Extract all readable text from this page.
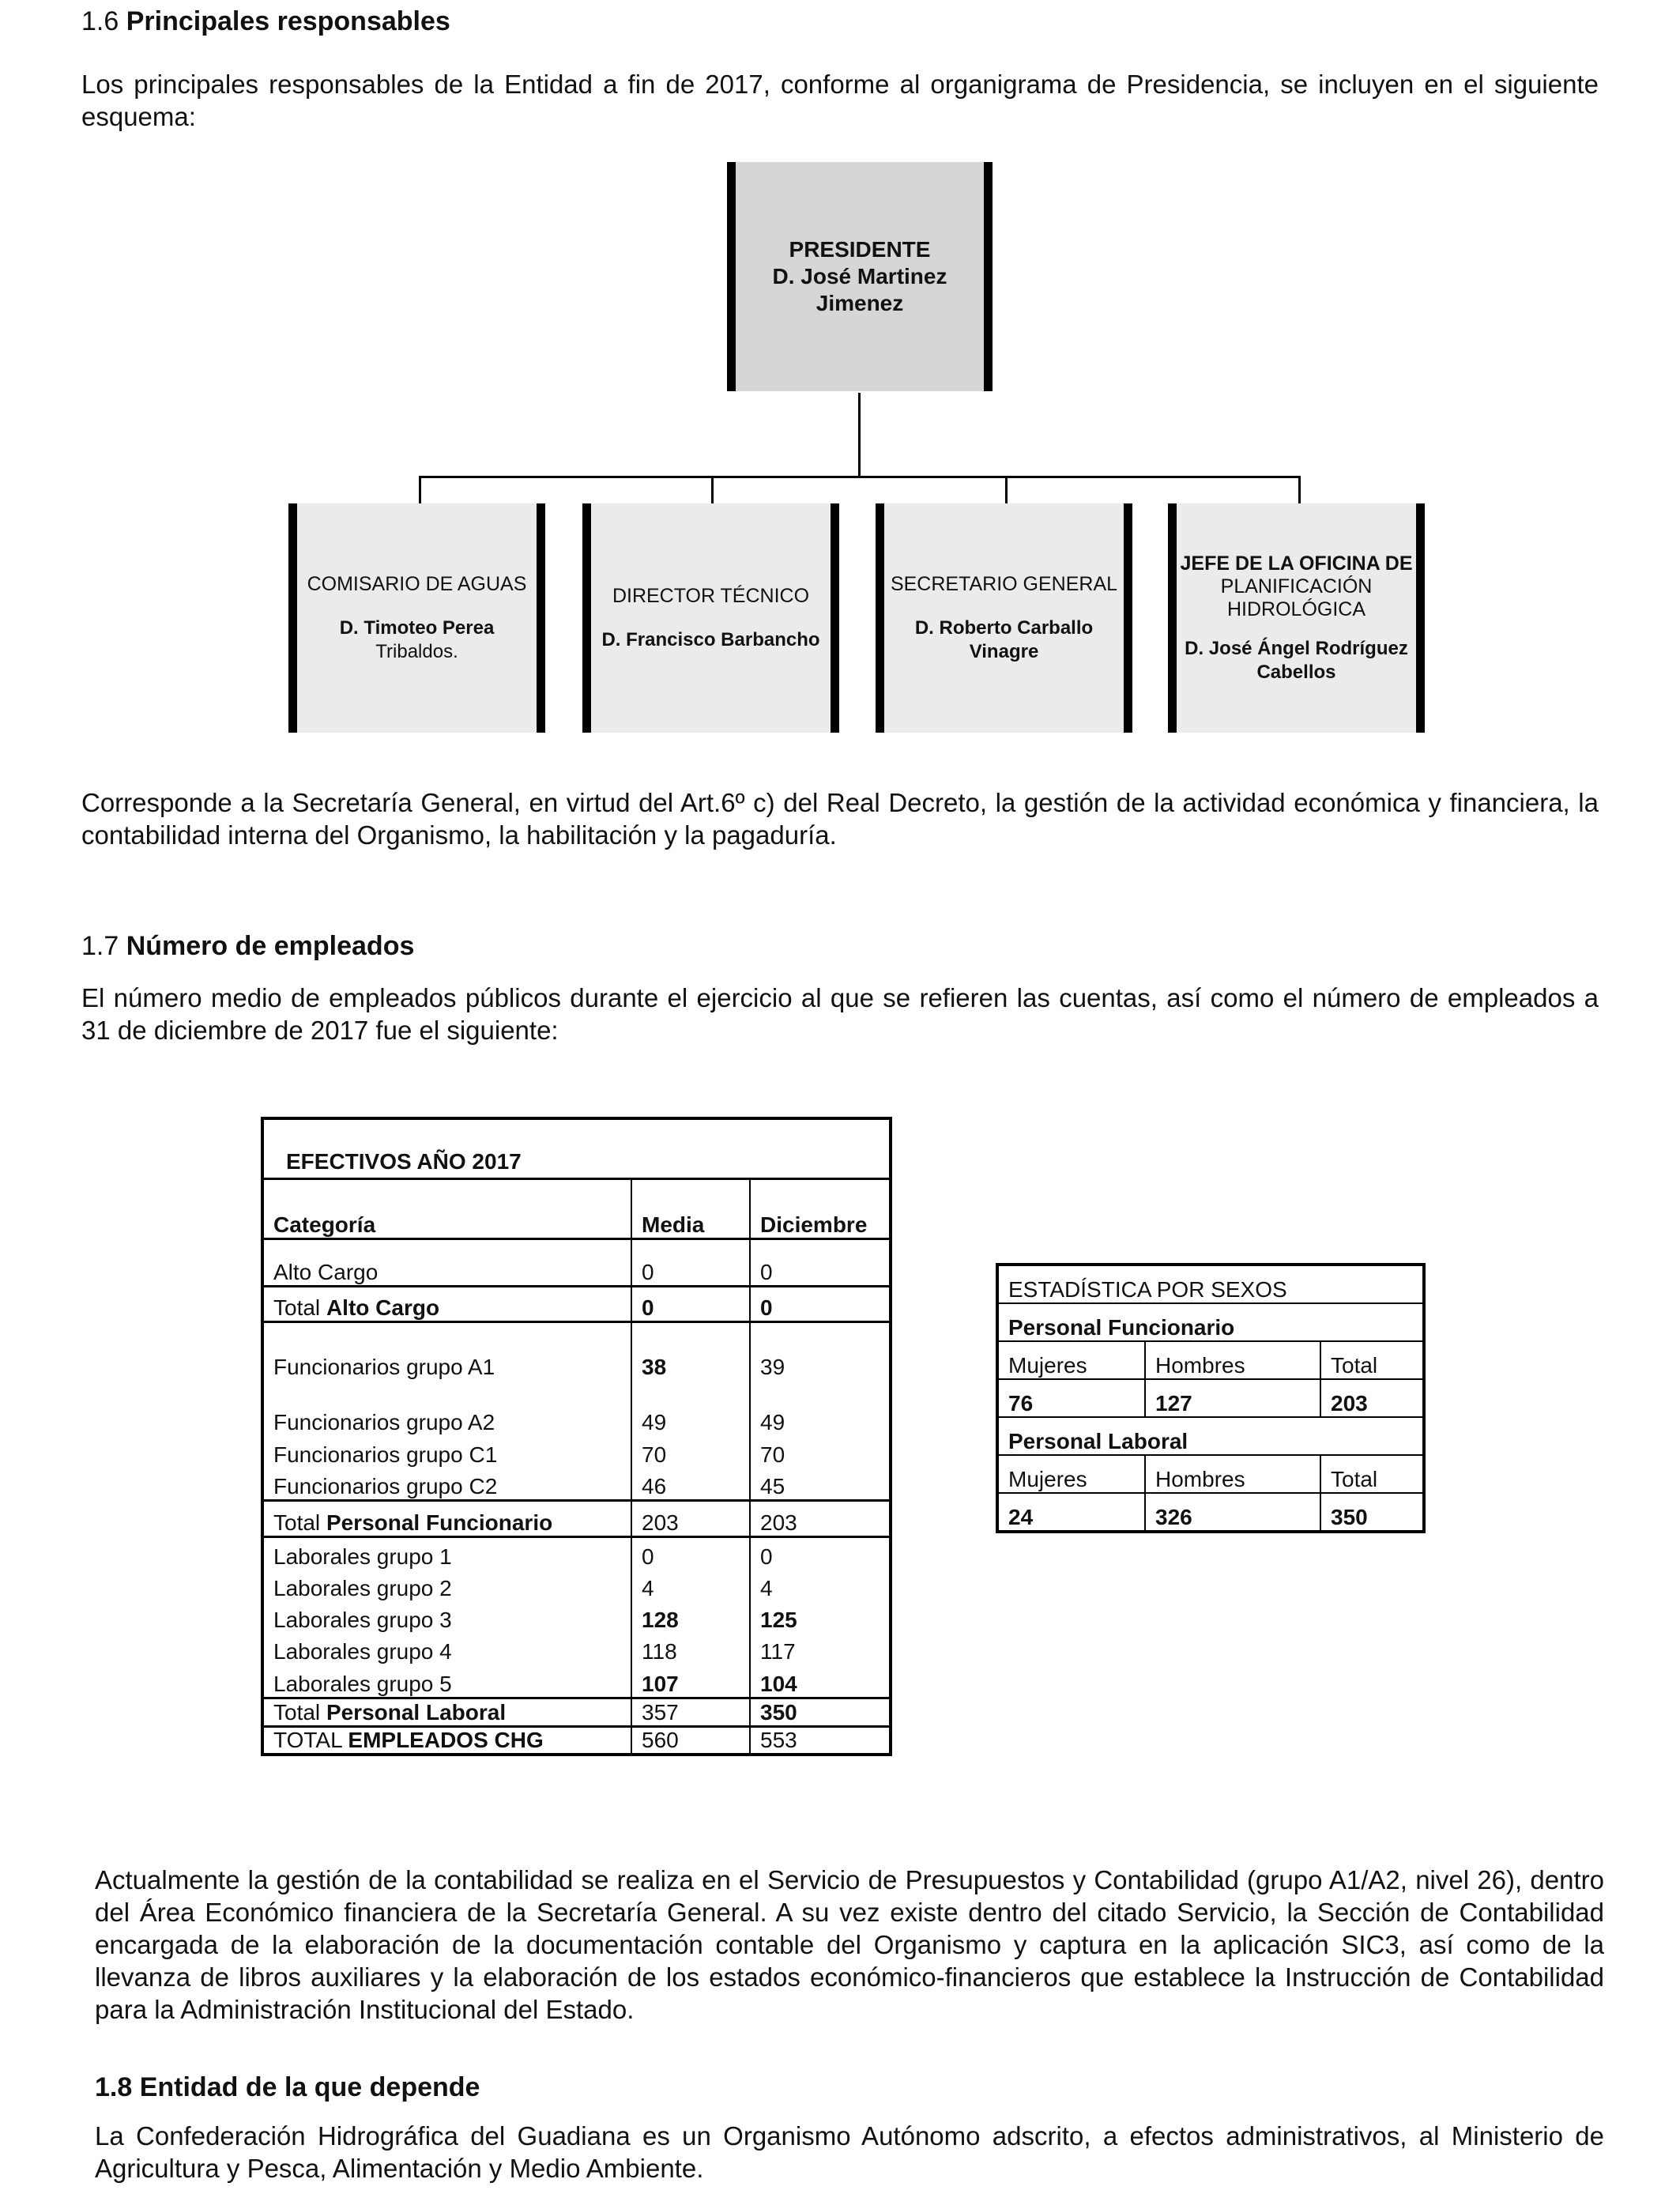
1.6 Principales responsables
Los principales responsables de la Entidad a fin de 2017, conforme al organigrama de Presidencia, se incluyen en el siguiente esquema:
PRESIDENTE
D. José Martinez
Jimenez
COMISARIO DE AGUAS
D. Timoteo Perea
Tribaldos.
DIRECTOR TÉCNICO
D. Francisco Barbancho
SECRETARIO GENERAL
D. Roberto Carballo
Vinagre
JEFE DE LA OFICINA DE
PLANIFICACIÓN
HIDROLÓGICA
D. José Ángel Rodríguez
Cabellos
Corresponde a la Secretaría General, en virtud del Art.6º c) del Real Decreto, la gestión de la actividad económica y financiera, la contabilidad interna del Organismo, la habilitación y la pagaduría.
1.7 Número de empleados
El número medio de empleados públicos durante el ejercicio al que se refieren las cuentas, así como el número de empleados a 31 de diciembre de 2017 fue el siguiente:
EFECTIVOS AÑO 2017		
Categoría	Media	Diciembre
Alto Cargo	0	0
Total Alto Cargo	0	0
Funcionarios grupo A1	38	39
Funcionarios grupo A2	49	49
Funcionarios grupo C1	70	70
Funcionarios grupo C2	46	45
Total Personal Funcionario	203	203
Laborales grupo 1	0	0
Laborales grupo 2	4	4
Laborales grupo 3	128	125
Laborales grupo 4	118	117
Laborales grupo 5	107	104
Total Personal Laboral	357	350
TOTAL EMPLEADOS CHG	560	553
ESTADÍSTICA POR SEXOS		
Personal Funcionario		
Mujeres	Hombres	Total
76	127	203
Personal Laboral		
Mujeres	Hombres	Total
24	326	350
Actualmente la gestión de la contabilidad se realiza en el Servicio de Presupuestos y Contabilidad (grupo A1/A2, nivel 26), dentro del Área Económico financiera de la Secretaría General. A su vez existe dentro del citado Servicio, la Sección de Contabilidad encargada de la elaboración de la documentación contable del Organismo y captura en la aplicación SIC3, así como de la llevanza de libros auxiliares y la elaboración de los estados económico-financieros que establece la Instrucción de Contabilidad para la Administración Institucional del Estado.
1.8 Entidad de la que depende
La Confederación Hidrográfica del Guadiana es un Organismo Autónomo adscrito, a efectos administrativos, al Ministerio de Agricultura y Pesca, Alimentación y Medio Ambiente.
